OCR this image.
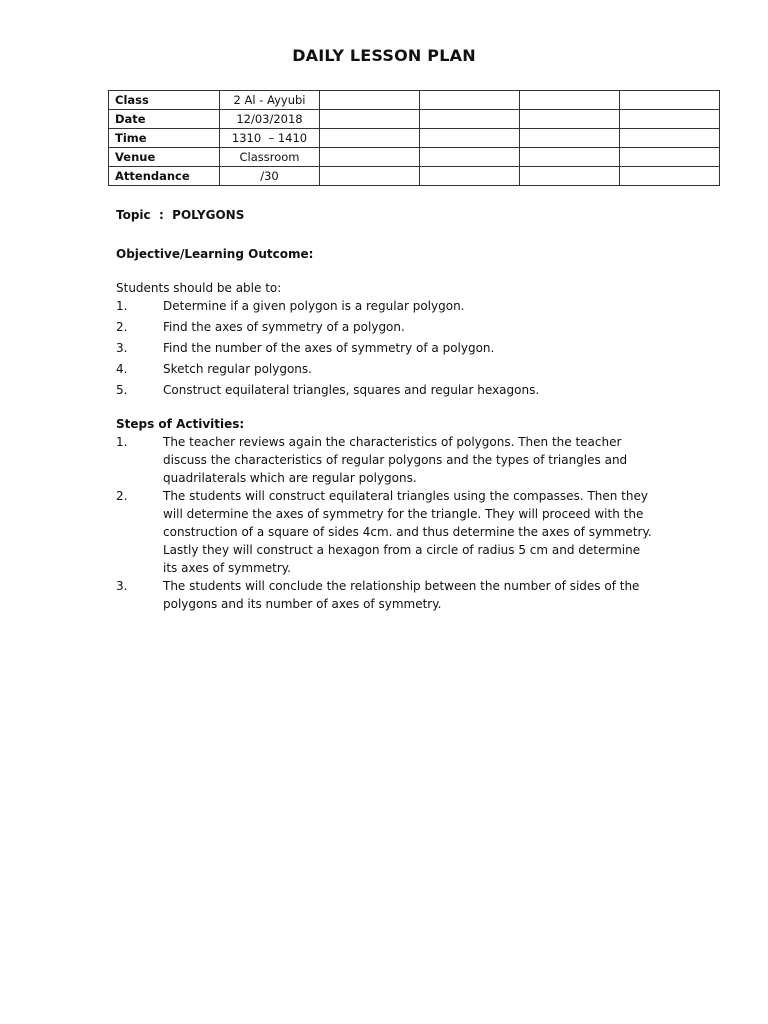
DAILY LESSON PLAN
Class	2 Al - Ayyubi				
Date	12/03/2018				
Time	1310  – 1410				
Venue	Classroom				
Attendance	/30				

Topic  :  POLYGONS

Objective/Learning Outcome:

Students should be able to:

1.	Determine if a given polygon is a regular polygon.
2.	Find the axes of symmetry of a polygon.
3.	Find the number of the axes of symmetry of a polygon.
4.	Sketch regular polygons.
5.	Construct equilateral triangles, squares and regular hexagons.

Steps of Activities:

1.	The teacher reviews again the characteristics of polygons. Then the teacher discuss the characteristics of regular polygons and the types of triangles and quadrilaterals which are regular polygons.
2.	The students will construct equilateral triangles using the compasses. Then they will determine the axes of symmetry for the triangle. They will proceed with the construction of a square of sides 4cm. and thus determine the axes of symmetry. Lastly they will construct a hexagon from a circle of radius 5 cm and determine its axes of symmetry.
3.	The students will conclude the relationship between the number of sides of the polygons and its number of axes of symmetry.
